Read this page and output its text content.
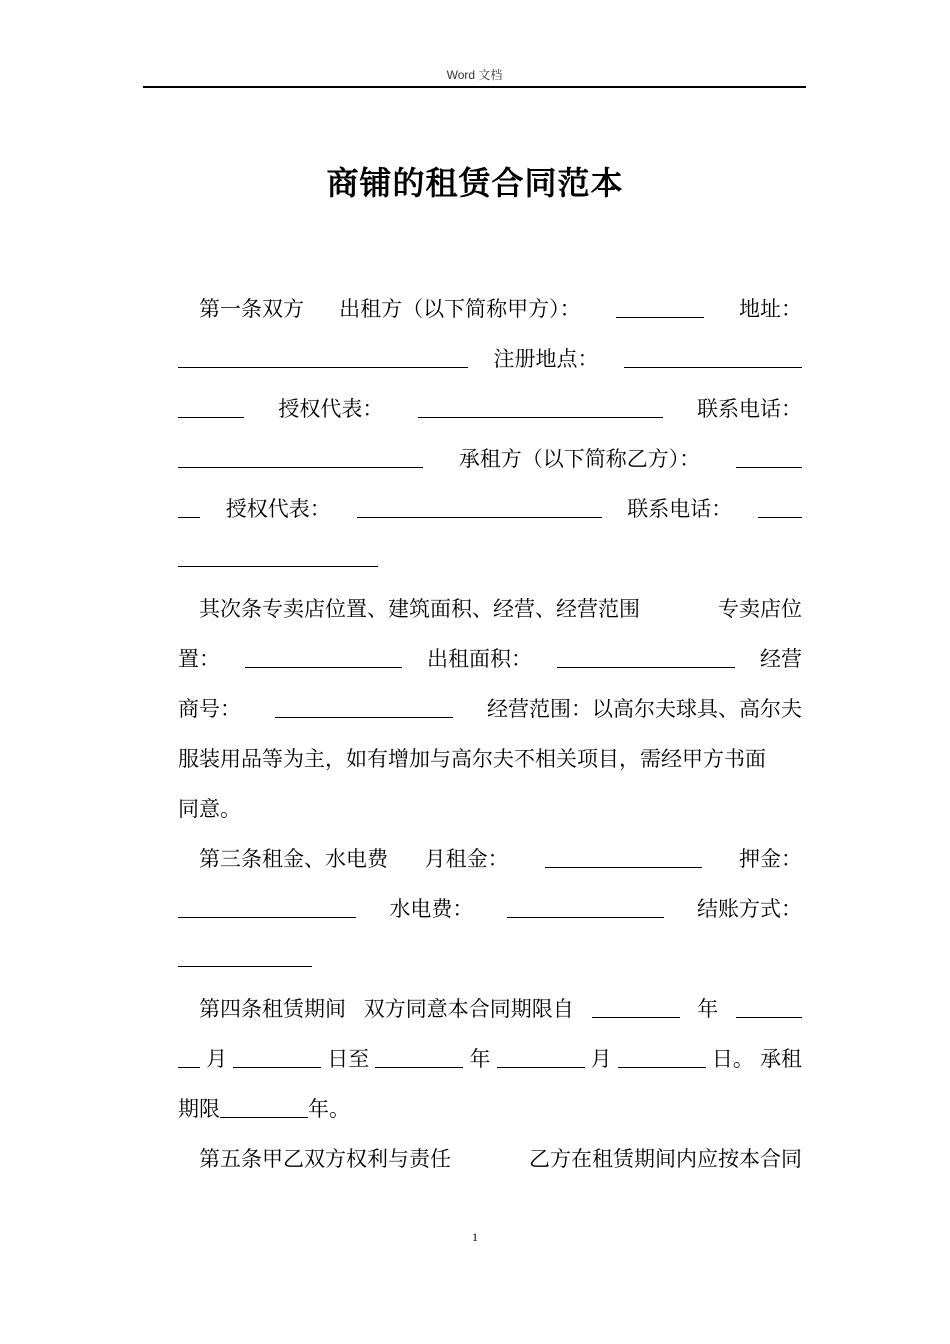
Word 文档
商铺的租赁合同范本
第一条双方 出租方（以下简称甲方）：	地址：
注册地点：
授权代表：	联系电话：
承租方（以下简称乙方）：
授权代表：	联系电话：
其次条专卖店位置、建筑面积、经营、经营范围	专卖店位
置：	出租面积：	经营
商号：	经营范围：以高尔夫球具、高尔夫
服装用品等为主，如有增加与高尔夫不相关项目，需经甲方书面
同意。
第三条租金、水电费 月租金：	押金：
水电费：	结账方式：
第四条租赁期间 双方同意本合同期限自	年
月	日至	年	月	日。 承租
期限	年。
第五条甲乙双方权利与责任	乙方在租赁期间内应按本合同
1
